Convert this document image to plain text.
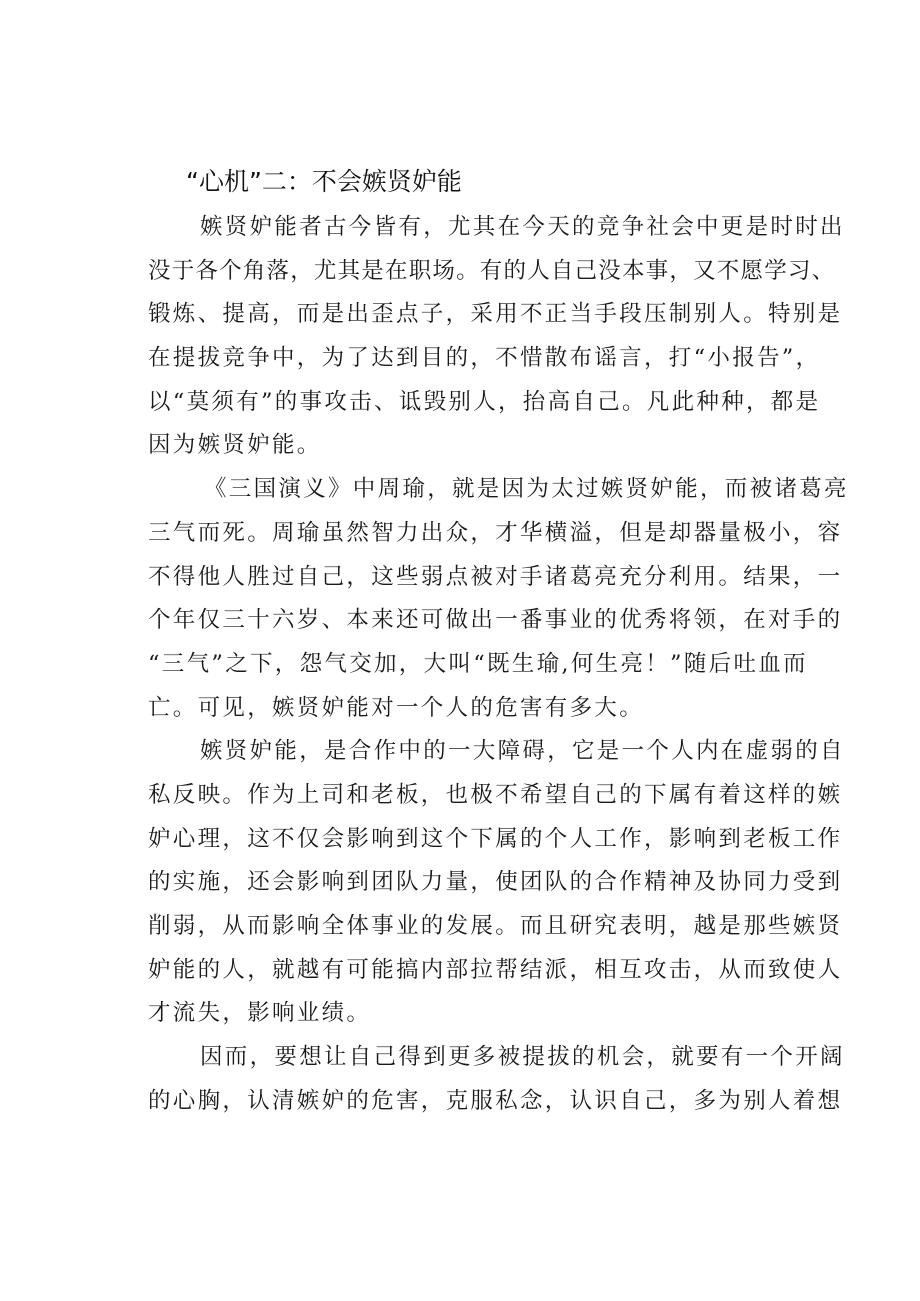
“心机”二：不会嫉贤妒能
嫉贤妒能者古今皆有，尤其在今天的竞争社会中更是时时出
没于各个角落，尤其是在职场。有的人自己没本事，又不愿学习、
锻炼、提高，而是出歪点子，采用不正当手段压制别人。特别是
在提拔竞争中，为了达到目的，不惜散布谣言，打“小报告”，
以“莫须有”的事攻击、诋毁别人，抬高自己。凡此种种，都是
因为嫉贤妒能。
《三国演义》中周瑜，就是因为太过嫉贤妒能，而被诸葛亮
三气而死。周瑜虽然智力出众，才华横溢，但是却器量极小，容
不得他人胜过自己，这些弱点被对手诸葛亮充分利用。结果，一
个年仅三十六岁、本来还可做出一番事业的优秀将领，在对手的
“三气”之下，怨气交加，大叫“既生瑜,何生亮！”随后吐血而
亡。可见，嫉贤妒能对一个人的危害有多大。
嫉贤妒能，是合作中的一大障碍，它是一个人内在虚弱的自
私反映。作为上司和老板，也极不希望自己的下属有着这样的嫉
妒心理，这不仅会影响到这个下属的个人工作，影响到老板工作
的实施，还会影响到团队力量，使团队的合作精神及协同力受到
削弱，从而影响全体事业的发展。而且研究表明，越是那些嫉贤
妒能的人，就越有可能搞内部拉帮结派，相互攻击，从而致使人
才流失，影响业绩。
因而，要想让自己得到更多被提拔的机会，就要有一个开阔
的心胸，认清嫉妒的危害，克服私念，认识自己，多为别人着想
